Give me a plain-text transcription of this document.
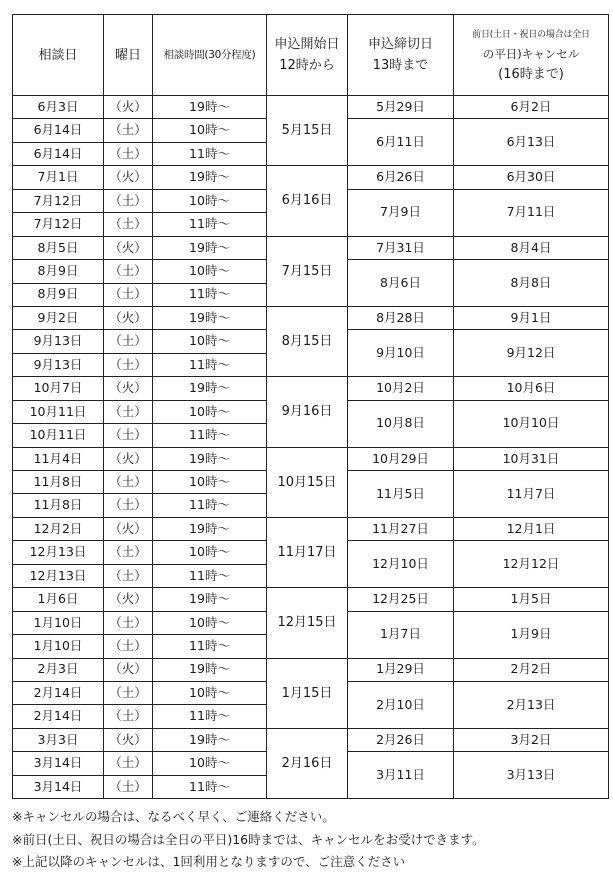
相談日	曜日	相談時間(30分程度)	申込開始日
12時から	申込締切日
13時まで	前日(土日・祝日の場合は全日
の平日)キャンセル
(16時まで)
6月3日	（火）	19時～	5月15日	5月29日	6月2日
6月14日	（土）	10時～		6月11日	6月13日
6月14日	（土）	11時～			
7月1日	（火）	19時～	6月16日	6月26日	6月30日
7月12日	（土）	10時～		7月9日	7月11日
7月12日	（土）	11時～			
8月5日	（火）	19時～	7月15日	7月31日	8月4日
8月9日	（土）	10時～		8月6日	8月8日
8月9日	（土）	11時～			
9月2日	（火）	19時～	8月15日	8月28日	9月1日
9月13日	（土）	10時～		9月10日	9月12日
9月13日	（土）	11時～			
10月7日	（火）	19時～	9月16日	10月2日	10月6日
10月11日	（土）	10時～		10月8日	10月10日
10月11日	（土）	11時～			
11月4日	（火）	19時～	10月15日	10月29日	10月31日
11月8日	（土）	10時～		11月5日	11月7日
11月8日	（土）	11時～			
12月2日	（火）	19時～	11月17日	11月27日	12月1日
12月13日	（土）	10時～		12月10日	12月12日
12月13日	（土）	11時～			
1月6日	（火）	19時～	12月15日	12月25日	1月5日
1月10日	（土）	10時～		1月7日	1月9日
1月10日	（土）	11時～			
2月3日	（火）	19時～	1月15日	1月29日	2月2日
2月14日	（土）	10時～		2月10日	2月13日
2月14日	（土）	11時～			
3月3日	（火）	19時～	2月16日	2月26日	3月2日
3月14日	（土）	10時～		3月11日	3月13日
3月14日	（土）	11時～			
※キャンセルの場合は、なるべく早く、ご連絡ください。
※前日(土日、祝日の場合は全日の平日)16時までは、キャンセルをお受けできます。
※上記以降のキャンセルは、1回利用となりますので、ご注意ください
